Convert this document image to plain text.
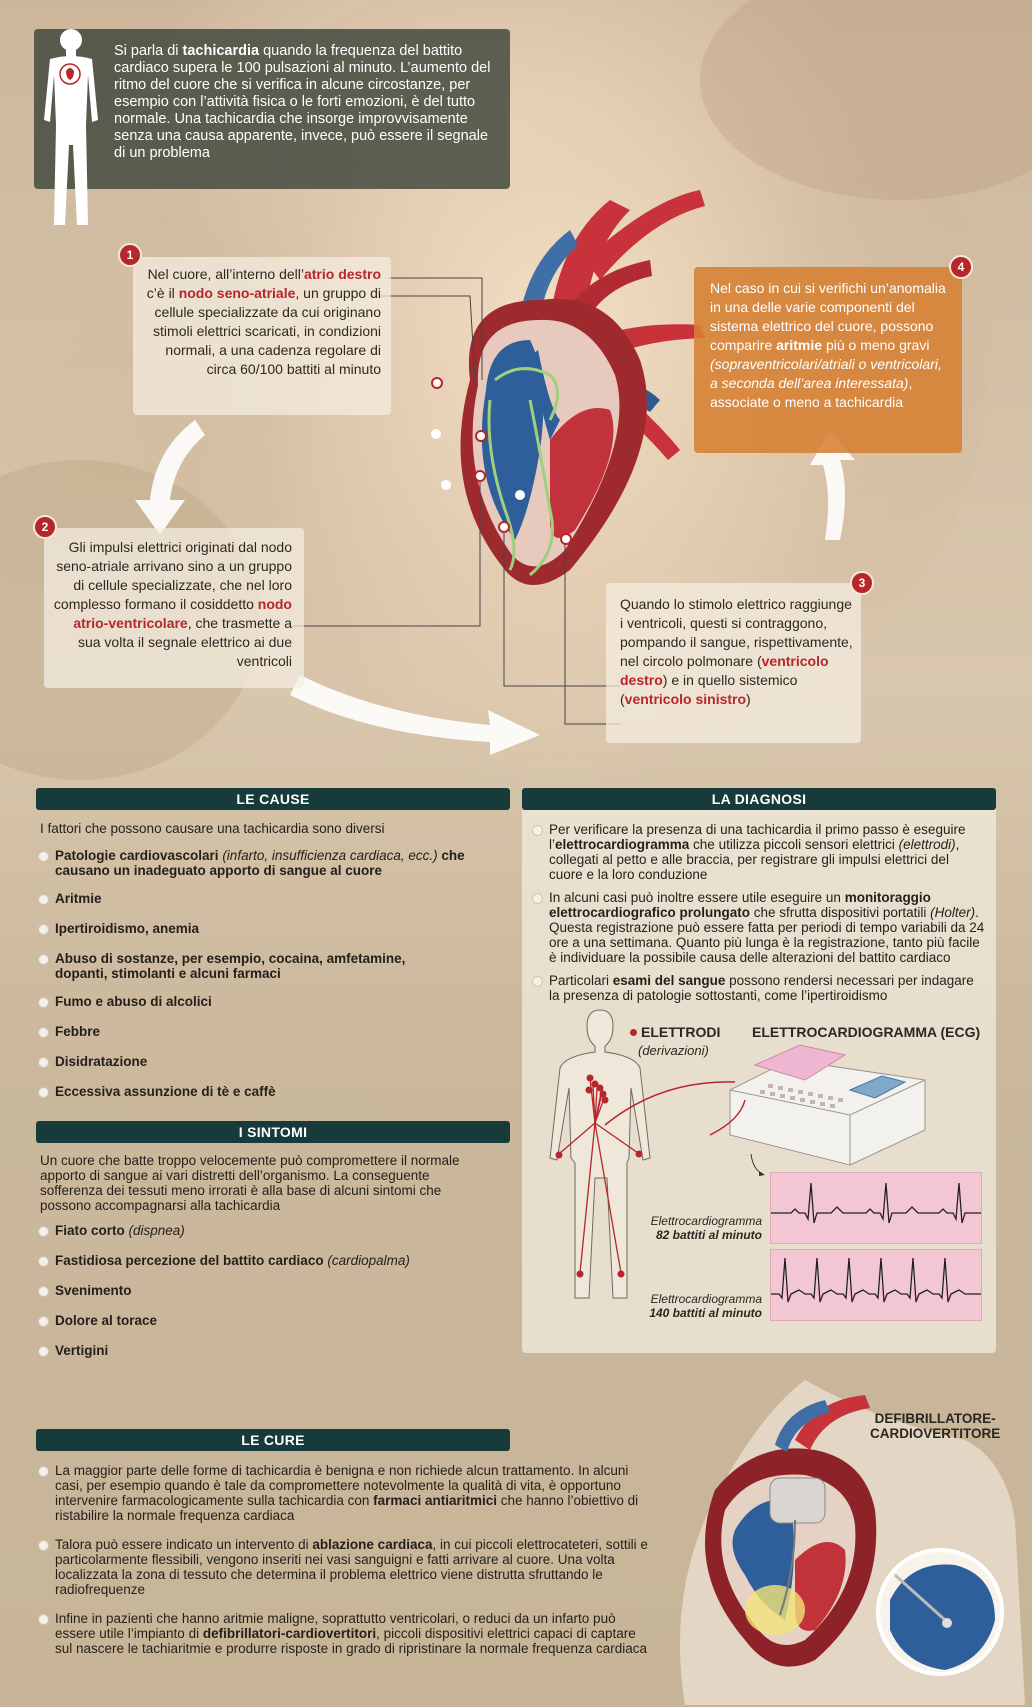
Si parla di tachicardia quando la frequenza del battito cardiaco supera le 100 pulsazioni al minuto. L’aumento del ritmo del cuore che si verifica in alcune circostanze, per esempio con l’attività fisica o le forti emozioni, è del tutto normale. Una tachicardia che insorge improvvisamente senza una causa apparente, invece, può essere il segnale di un problema
Nel cuore, all’interno dell’atrio destro c’è il nodo seno-atriale, un gruppo di cellule specializzate da cui originano stimoli elettrici scaricati, in condizioni normali, a una cadenza regolare di circa 60/100 battiti al minuto
1
Gli impulsi elettrici originati dal nodo seno-atriale arrivano sino a un gruppo di cellule specializzate, che nel loro complesso formano il cosiddetto nodo atrio-ventricolare, che trasmette a sua volta il segnale elettrico ai due ventricoli
2
Quando lo stimolo elettrico raggiunge i ventricoli, questi si contraggono, pompando il sangue, rispettivamente, nel circolo polmonare (ventricolo destro) e in quello sistemico (ventricolo sinistro)
3
Nel caso in cui si verifichi un’anomalia in una delle varie componenti del sistema elettrico del cuore, possono comparire aritmie più o meno gravi (sopraventricolari/atriali o ventricolari, a seconda dell’area interessata), associate o meno a tachicardia
4
LE CAUSE
I fattori che possono causare una tachicardia sono diversi
Patologie cardiovascolari (infarto, insufficienza cardiaca, ecc.) che causano un inadeguato apporto di sangue al cuore
Aritmie
Ipertiroidismo, anemia
Abuso di sostanze, per esempio, cocaina, amfetamine, dopanti, stimolanti e alcuni farmaci
Fumo e abuso di alcolici
Febbre
Disidratazione
Eccessiva assunzione di tè e caffè
I SINTOMI
Un cuore che batte troppo velocemente può compromettere il normale apporto di sangue ai vari distretti dell’organismo. La conseguente sofferenza dei tessuti meno irrorati è alla base di alcuni sintomi che possono accompagnarsi alla tachicardia
Fiato corto (dispnea)
Fastidiosa percezione del battito cardiaco (cardiopalma)
Svenimento
Dolore al torace
Vertigini
LA DIAGNOSI
Per verificare la presenza di una tachicardia il primo passo è eseguire l’elettrocardiogramma che utilizza piccoli sensori elettrici (elettrodi), collegati al petto e alle braccia, per registrare gli impulsi elettrici del cuore e la loro conduzione
In alcuni casi può inoltre essere utile eseguire un monitoraggio elettrocardiografico prolungato che sfrutta dispositivi portatili (Holter). Questa registrazione può essere fatta per periodi di tempo variabili da 24 ore a una settimana. Quanto più lunga è la registrazione, tanto più facile è individuare la possibile causa delle alterazioni del battito cardiaco
Particolari esami del sangue possono rendersi necessari per indagare la presenza di patologie sottostanti, come l’ipertiroidismo
ELETTRODI
(derivazioni)
ELETTROCARDIOGRAMMA (ECG)
Elettrocardiogramma
82 battiti al minuto
Elettrocardiogramma
140 battiti al minuto
LE CURE
La maggior parte delle forme di tachicardia è benigna e non richiede alcun trattamento. In alcuni casi, per esempio quando è tale da compromettere notevolmente la qualità di vita, è opportuno intervenire farmacologicamente sulla tachicardia con farmaci antiaritmici che hanno l’obiettivo di ristabilire la normale frequenza cardiaca
Talora può essere indicato un intervento di ablazione cardiaca, in cui piccoli elettrocateteri, sottili e particolarmente flessibili, vengono inseriti nei vasi sanguigni e fatti arrivare al cuore. Una volta localizzata la zona di tessuto che determina il problema elettrico viene distrutta sfruttando le radiofrequenze
Infine in pazienti che hanno aritmie maligne, soprattutto ventricolari, o reduci da un infarto può essere utile l’impianto di defibrillatori-cardiovertitori, piccoli dispositivi elettrici capaci di captare sul nascere le tachiaritmie e produrre risposte in grado di ripristinare la normale frequenza cardiaca
DEFIBRILLATORE-
CARDIOVERTITORE
